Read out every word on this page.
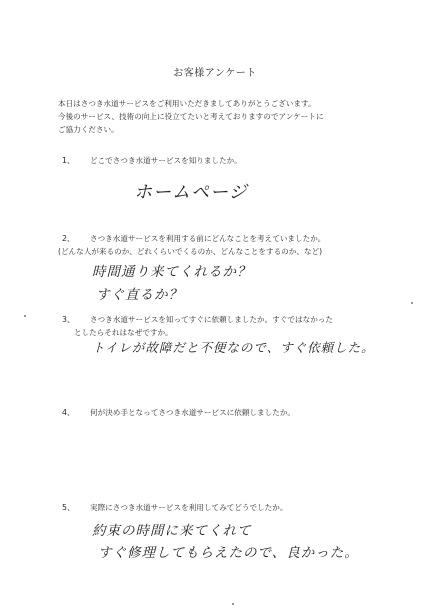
お客様アンケート
本日はさつき水道サービスをご利用いただきましてありがとうございます。
今後のサービス、技術の向上に役立てたいと考えておりますのでアンケートに
ご協力ください。
1、 どこでさつき水道サービスを知りましたか。
ホームページ
2、 さつき水道サービスを利用する前にどんなことを考えていましたか。
(どんな人が来るのか、どれくらいでくるのか、どんなことをするのか、など)
時間通り来てくれるか？
すぐ直るか？
3、 さつき水道サービスを知ってすぐに依頼しましたか。すぐではなかった
としたらそれはなぜですか。
トイレが故障だと不便なので、すぐ依頼した。
4、 何が決め手となってさつき水道サービスに依頼しましたか。
5、 実際にさつき水道サービスを利用してみてどうでしたか。
約束の時間に来てくれて
すぐ修理してもらえたので、良かった。
